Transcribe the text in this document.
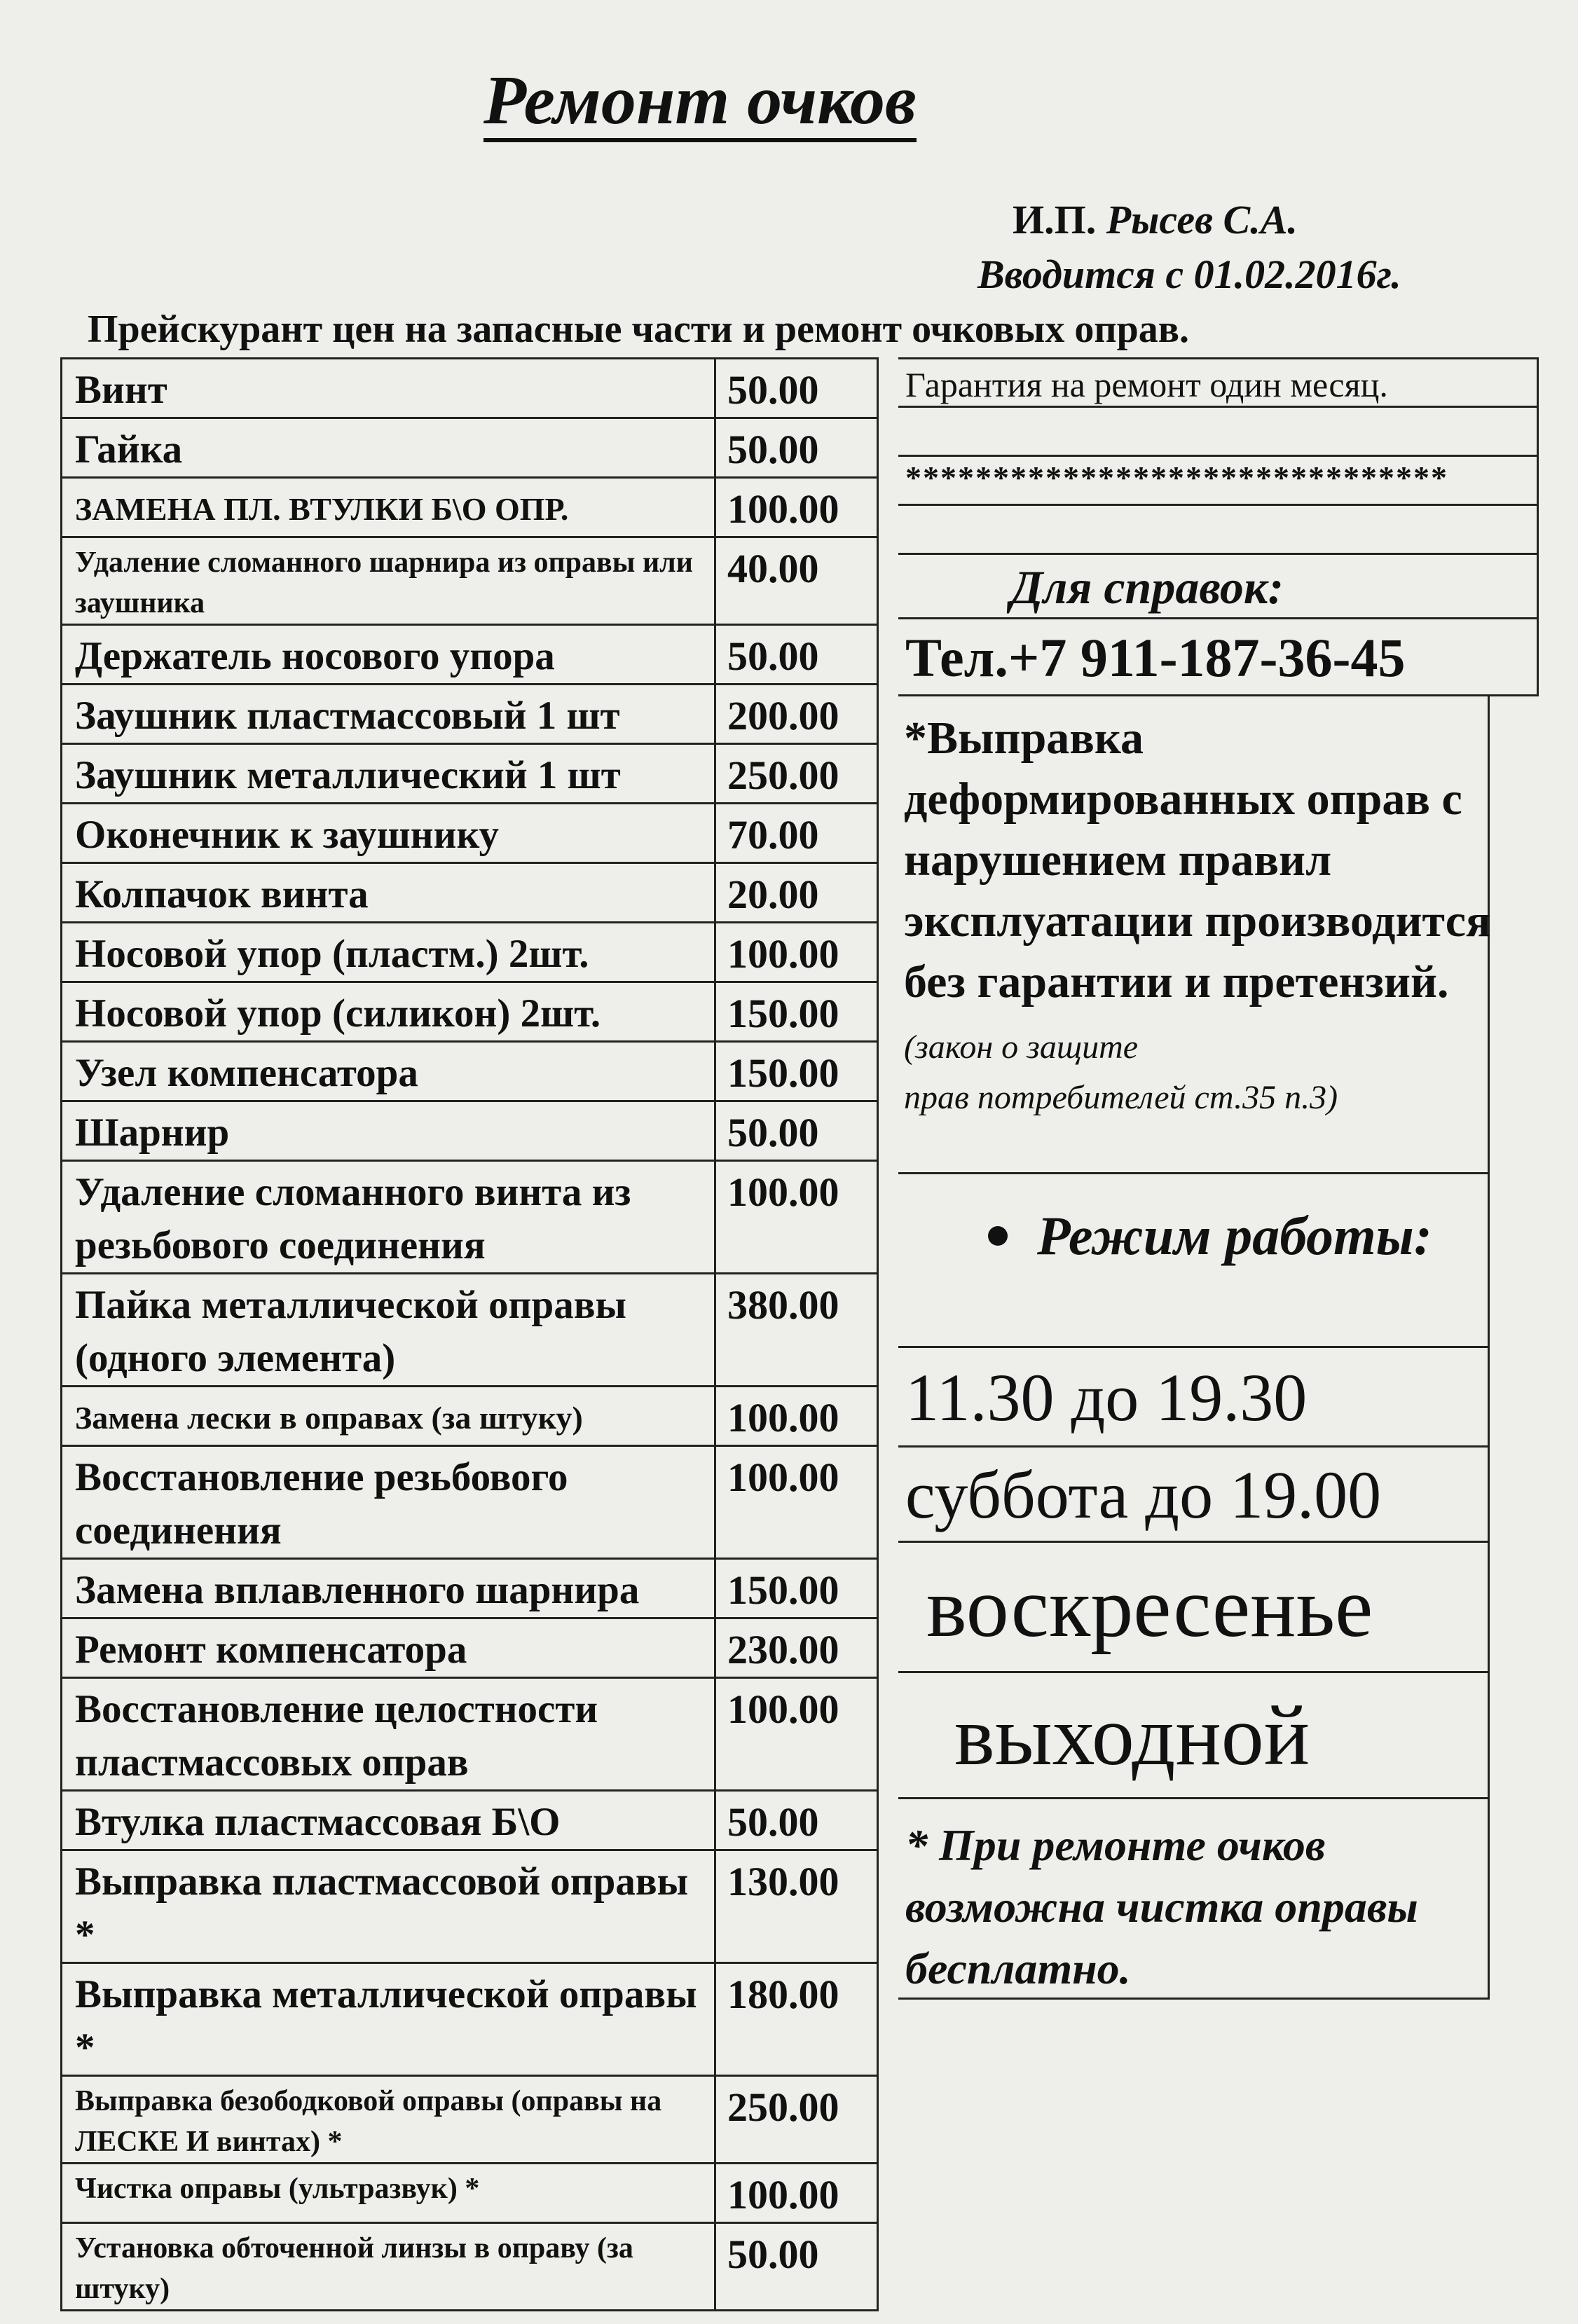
Ремонт очков
И.П. Рысев С.А.
Вводится с 01.02.2016г.
Прейскурант цен на запасные части и ремонт очковых оправ.
Винт	50.00
Гайка	50.00
ЗАМЕНА ПЛ. ВТУЛКИ Б\О ОПР.	100.00
Удаление сломанного шарнира из оправы или заушника	40.00
Держатель носового упора	50.00
Заушник пластмассовый 1 шт	200.00
Заушник металлический 1 шт	250.00
Оконечник к заушнику	70.00
Колпачок винта	20.00
Носовой упор (пластм.) 2шт.	100.00
Носовой упор (силикон) 2шт.	150.00
Узел компенсатора	150.00
Шарнир	50.00
Удаление сломанного винта из резьбового соединения	100.00
Пайка металлической оправы (одного элемента)	380.00
Замена лески в оправах (за штуку)	100.00
Восстановление резьбового соединения	100.00
Замена вплавленного шарнира	150.00
Ремонт компенсатора	230.00
Восстановление целостности пластмассовых оправ	100.00
Втулка пластмассовая Б\О	50.00
Выправка пластмассовой оправы *	130.00
Выправка металлической оправы *	180.00
Выправка безободковой оправы (оправы на ЛЕСКЕ И винтах) *	250.00
Чистка оправы (ультразвук) *	100.00
Установка обточенной линзы в оправу (за штуку)	50.00
Гарантия на ремонт один месяц.
*******************************
Для справок:
Тел.+7 911-187-36-45
*Выправка деформированных оправ с нарушением правил эксплуатации производится без гарантии и претензий.(закон о защите
прав потребителей ст.35 п.3)
Режим работы:
11.30 до 19.30
суббота до 19.00
воскресенье
выходной
* При ремонте очков возможна чистка оправы бесплатно.
